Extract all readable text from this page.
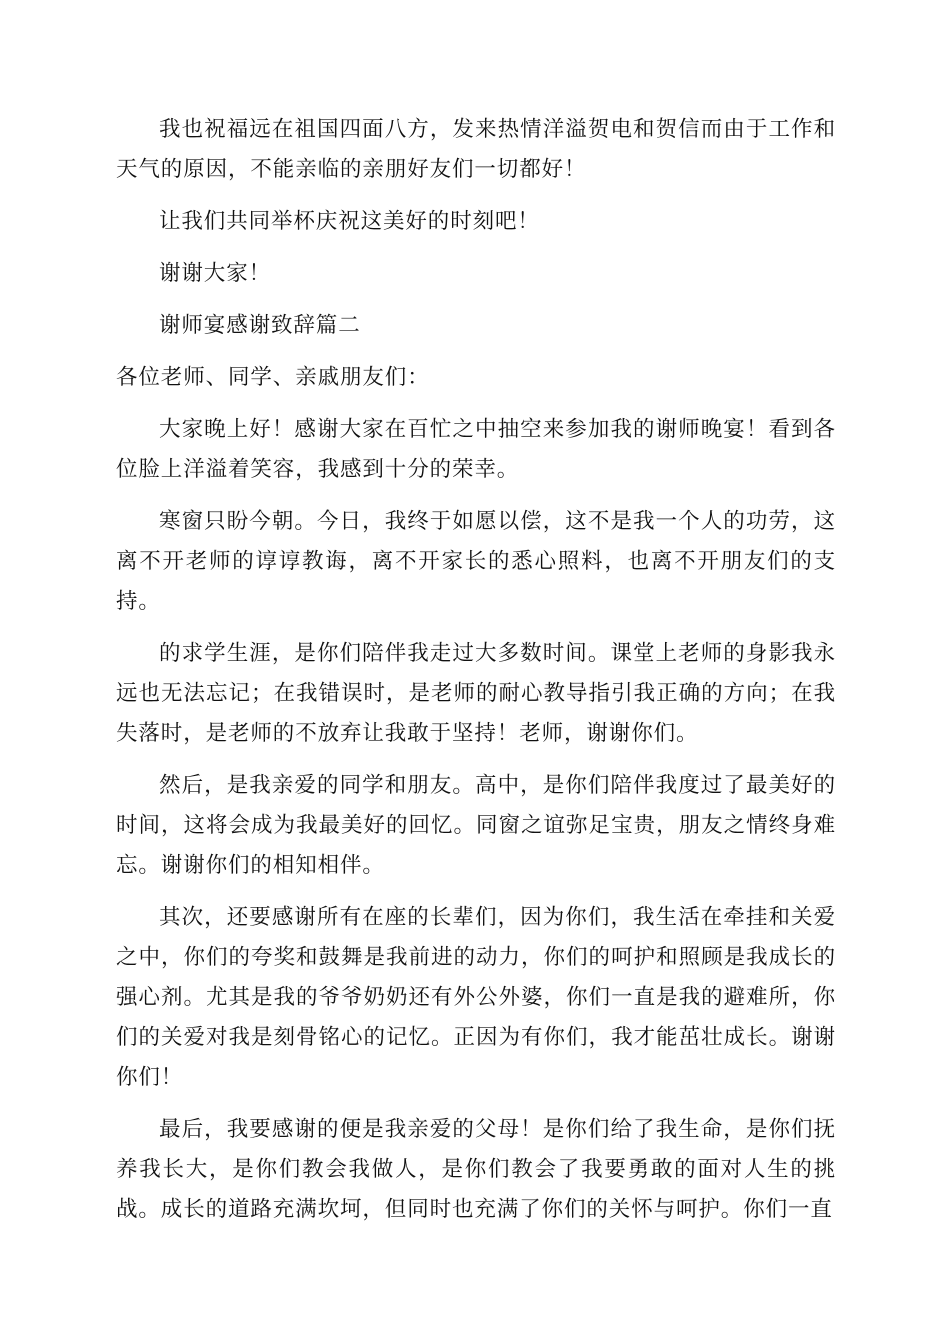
我也祝福远在祖国四面八方，发来热情洋溢贺电和贺信而由于工作和天气的原因，不能亲临的亲朋好友们一切都好！

让我们共同举杯庆祝这美好的时刻吧！

谢谢大家！

谢师宴感谢致辞篇二

各位老师、同学、亲戚朋友们：

大家晚上好！感谢大家在百忙之中抽空来参加我的谢师晚宴！看到各位脸上洋溢着笑容，我感到十分的荣幸。

寒窗只盼今朝。今日，我终于如愿以偿，这不是我一个人的功劳，这离不开老师的谆谆教诲，离不开家长的悉心照料，也离不开朋友们的支持。

的求学生涯，是你们陪伴我走过大多数时间。课堂上老师的身影我永远也无法忘记；在我错误时，是老师的耐心教导指引我正确的方向；在我失落时，是老师的不放弃让我敢于坚持！老师，谢谢你们。

然后，是我亲爱的同学和朋友。高中，是你们陪伴我度过了最美好的时间，这将会成为我最美好的回忆。同窗之谊弥足宝贵，朋友之情终身难忘。谢谢你们的相知相伴。

其次，还要感谢所有在座的长辈们，因为你们，我生活在牵挂和关爱之中，你们的夸奖和鼓舞是我前进的动力，你们的呵护和照顾是我成长的强心剂。尤其是我的爷爷奶奶还有外公外婆，你们一直是我的避难所，你们的关爱对我是刻骨铭心的记忆。正因为有你们，我才能茁壮成长。谢谢你们！

最后，我要感谢的便是我亲爱的父母！是你们给了我生命，是你们抚养我长大，是你们教会我做人，是你们教会了我要勇敢的面对人生的挑战。成长的道路充满坎坷，但同时也充满了你们的关怀与呵护。你们一直
